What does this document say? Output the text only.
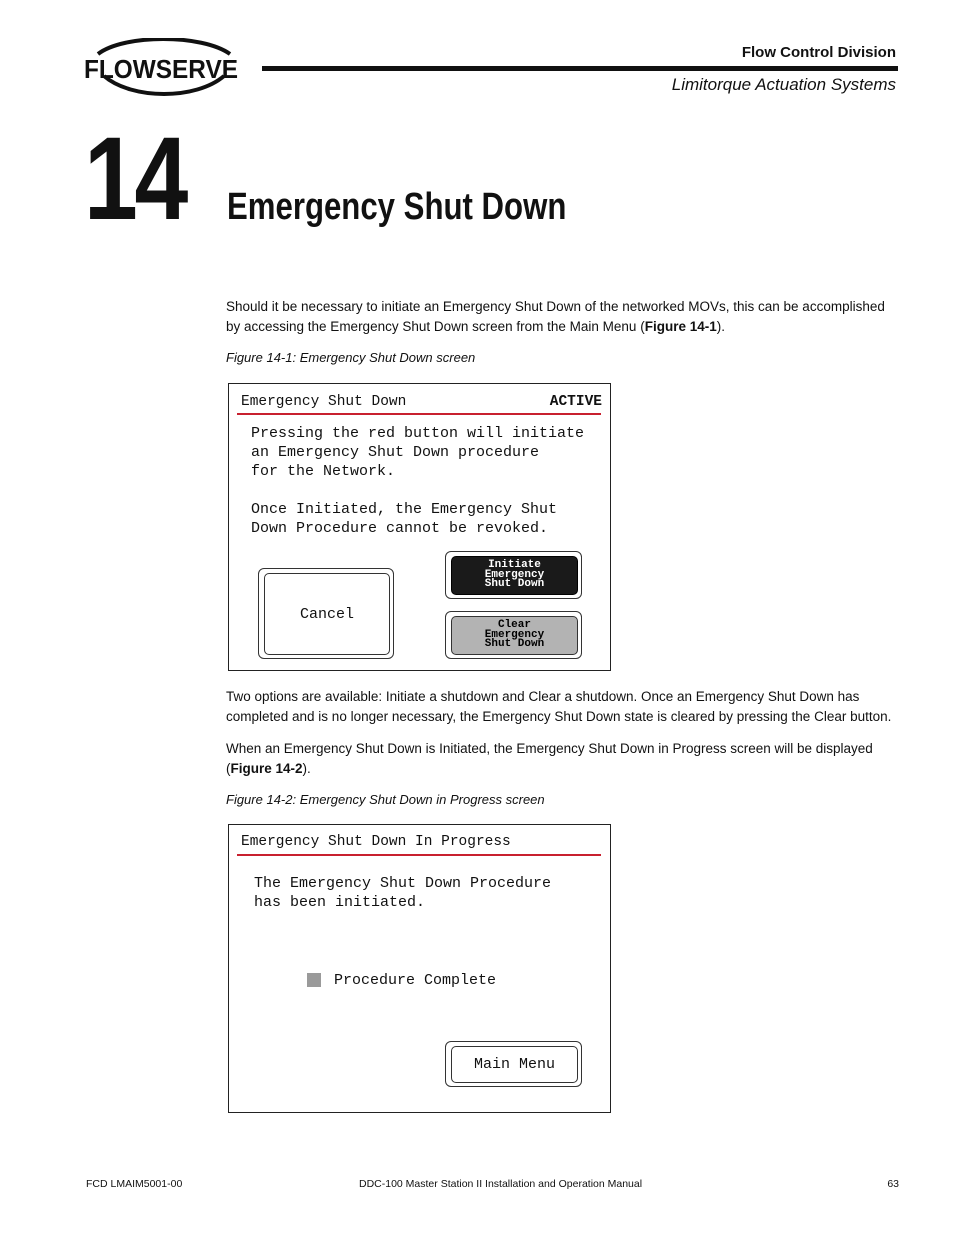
FLOWSERVE
Flow Control Division
Limitorque Actuation Systems
14 Emergency Shut Down
Should it be necessary to initiate an Emergency Shut Down of the networked MOVs, this can be accomplished by accessing the Emergency Shut Down screen from the Main Menu (Figure 14-1).
Figure 14-1: Emergency Shut Down screen
Emergency Shut Down	ACTIVE
Pressing the red button will initiate
an Emergency Shut Down procedure
for the Network.
Once Initiated, the Emergency Shut
Down Procedure cannot be revoked.
Cancel
Initiate
Emergency
Shut Down
Clear
Emergency
Shut Down
Two options are available: Initiate a shutdown and Clear a shutdown. Once an Emergency Shut Down has completed and is no longer necessary, the Emergency Shut Down state is cleared by pressing the Clear button.
When an Emergency Shut Down is Initiated, the Emergency Shut Down in Progress screen will be displayed
(Figure 14-2).
Figure 14-2: Emergency Shut Down in Progress screen
Emergency Shut Down In Progress
The Emergency Shut Down Procedure
has been initiated.
Procedure Complete
Main Menu
FCD LMAIM5001-00	DDC-100 Master Station II Installation and Operation Manual	63
